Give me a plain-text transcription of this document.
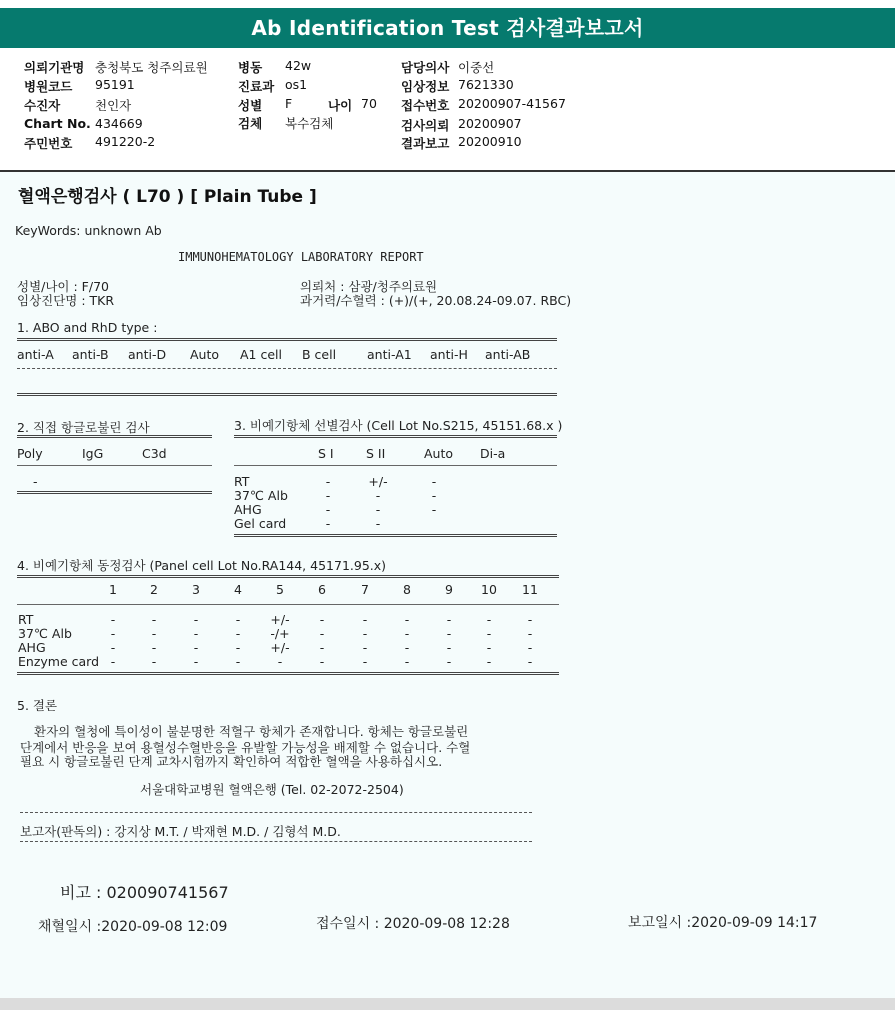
Ab Identification Test 검사결과보고서
의뢰기관명 충청북도 청주의료원
병원코드 95191
수진자	천인자
Chart No. 434669
주민번호 491220-2
병동 42w
진료과 os1
성별 F	나이 70
검체 복수검체
담당의사 이중선
임상정보 7621330
접수번호 20200907-41567
검사의뢰 20200907
결과보고 20200910
혈액은행검사 ( L70 ) [ Plain Tube ]
KeyWords: unknown Ab
IMMUNOHEMATOLOGY LABORATORY REPORT
성별/나이 : F/70
임상진단명 : TKR
의뢰처 : 삼광/청주의료원
과거력/수혈력 : (+)/(+, 20.08.24-09.07. RBC)
1. ABO and RhD type :
anti-A anti-B anti-D Auto A1 cell B cell anti-A1 anti-H anti-AB
2. 직접 항글로불린 검사
Poly	IgG	C3d
-
3. 비예기항체 선별검사 (Cell Lot No.S215, 45151.68.x )
S I	S II	Auto Di-a
RT	-	+/-	-
37℃ Alb	-	-	-
AHG	-	-	-
Gel card	-	-
4. 비예기항체 동정검사 (Panel cell Lot No.RA144, 45171.95.x)
5. 결론
환자의 혈청에 특이성이 불분명한 적혈구 항체가 존재합니다. 항체는 항글로불린
단계에서 반응을 보여 용혈성수혈반응을 유발할 가능성을 배제할 수 없습니다. 수혈
필요 시 항글로불린 단계 교차시험까지 확인하여 적합한 혈액을 사용하십시오.
서울대학교병원 혈액은행 (Tel. 02-2072-2504)
보고자(판독의) : 강지상 M.T. / 박재현 M.D. / 김형석 M.D.
비고 : 020090741567
채혈일시 :2020-09-08 12:09	접수일시 : 2020-09-08 12:28	보고일시 :2020-09-09 14:17
1	2	3	4	5	6	7	8	9	10	11
RT	-	-	-	-	+/-	-	-	-	-	-	-
37℃ Alb	-	-	-	-	-/+	-	-	-	-	-	-
AHG	-	-	-	-	+/-	-	-	-	-	-	-
Enzyme card -	-	-	-	-	-	-	-	-	-	-
